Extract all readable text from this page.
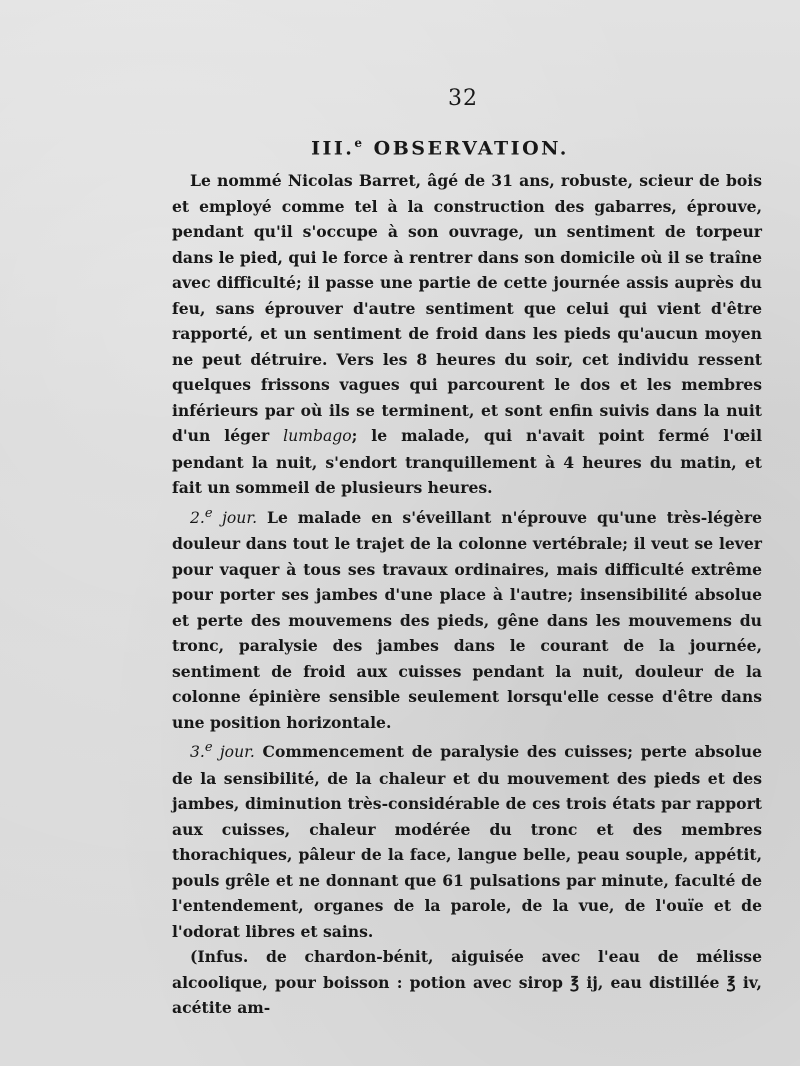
32
III.$^e$ OBSERVATION.

Le nommé Nicolas Barret, âgé de 31 ans, robuste, scieur de bois et employé comme tel à la construction des gabarres, éprouve, pendant qu'il s'occupe à son ouvrage, un sentiment de torpeur dans le pied, qui le force à rentrer dans son domicile où il se traîne avec difficulté; il passe une partie de cette journée assis auprès du feu, sans éprouver d'autre sentiment que celui qui vient d'être rapporté, et un sentiment de froid dans les pieds qu'aucun moyen ne peut détruire. Vers les 8 heures du soir, cet individu ressent quelques frissons vagues qui parcourent le dos et les membres inférieurs par où ils se terminent, et sont enfin suivis dans la nuit d'un léger lumbago; le malade, qui n'avait point fermé l'œil pendant la nuit, s'endort tranquillement à 4 heures du matin, et fait un sommeil de plusieurs heures.

2.$^e$ jour. Le malade en s'éveillant n'éprouve qu'une très-légère douleur dans tout le trajet de la colonne vertébrale; il veut se lever pour vaquer à tous ses travaux ordinaires, mais difficulté extrême pour porter ses jambes d'une place à l'autre; insensibilité absolue et perte des mouvemens des pieds, gêne dans les mouvemens du tronc, paralysie des jambes dans le courant de la journée, sentiment de froid aux cuisses pendant la nuit, douleur de la colonne épinière sensible seulement lorsqu'elle cesse d'être dans une position horizontale.

3.$^e$ jour. Commencement de paralysie des cuisses; perte absolue de la sensibilité, de la chaleur et du mouvement des pieds et des jambes, diminution très-considérable de ces trois états par rapport aux cuisses, chaleur modérée du tronc et des membres thorachiques, pâleur de la face, langue belle, peau souple, appétit, pouls grêle et ne donnant que 61 pulsations par minute, faculté de l'entendement, organes de la parole, de la vue, de l'ouïe et de l'odorat libres et sains.

(Infus. de chardon-bénit, aiguisée avec l'eau de mélisse alcoolique, pour boisson : potion avec sirop ℥ ij, eau distillée ℥ iv, acétite am-
